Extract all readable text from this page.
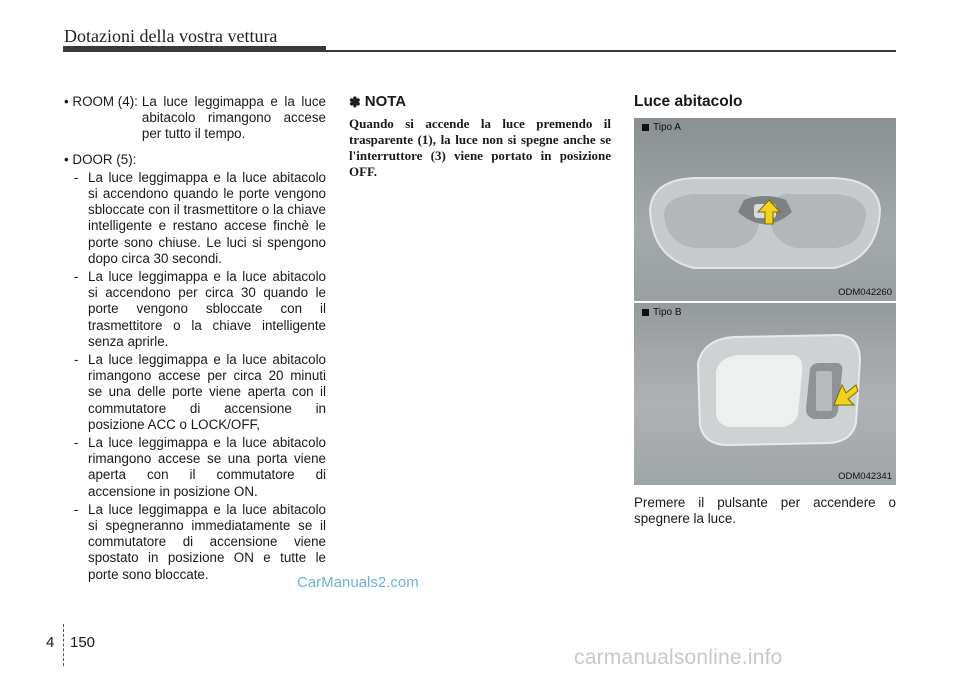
Dotazioni della vostra vettura
• ROOM (4): La luce leggimappa e la luce abitacolo rimangono accese per tutto il tempo.
• DOOR (5):
- La luce leggimappa e la luce abitacolo si accendono quando le porte vengono sbloccate con il trasmettitore o la chiave intelligente e restano accese finchè le porte sono chiuse. Le luci si spengono dopo circa 30 secondi.
- La luce leggimappa e la luce abitacolo si accendono per circa 30 quando le porte vengono sbloccate con il trasmettitore o la chiave intelligente senza aprirle.
- La luce leggimappa e la luce abitacolo rimangono accese per circa 20 minuti se una delle porte viene aperta con il commutatore di accensione in posizione ACC o LOCK/OFF,
- La luce leggimappa e la luce abitacolo rimangono accese se una porta viene aperta con il commutatore di accensione in posizione ON.
- La luce leggimappa e la luce abitacolo si spegneranno immediatamente se il commutatore di accensione viene spostato in posizione ON e tutte le porte sono bloccate.
✽ NOTA
Quando si accende la luce premendo il trasparente (1), la luce non si spegne anche se l'interruttore (3) viene portato in posizione OFF.
Luce abitacolo
Tipo A
ODM042260
Tipo B
ODM042341
Premere il pulsante per accendere o spegnere la luce.
CarManuals2.com
4 150
carmanualsonline.info
